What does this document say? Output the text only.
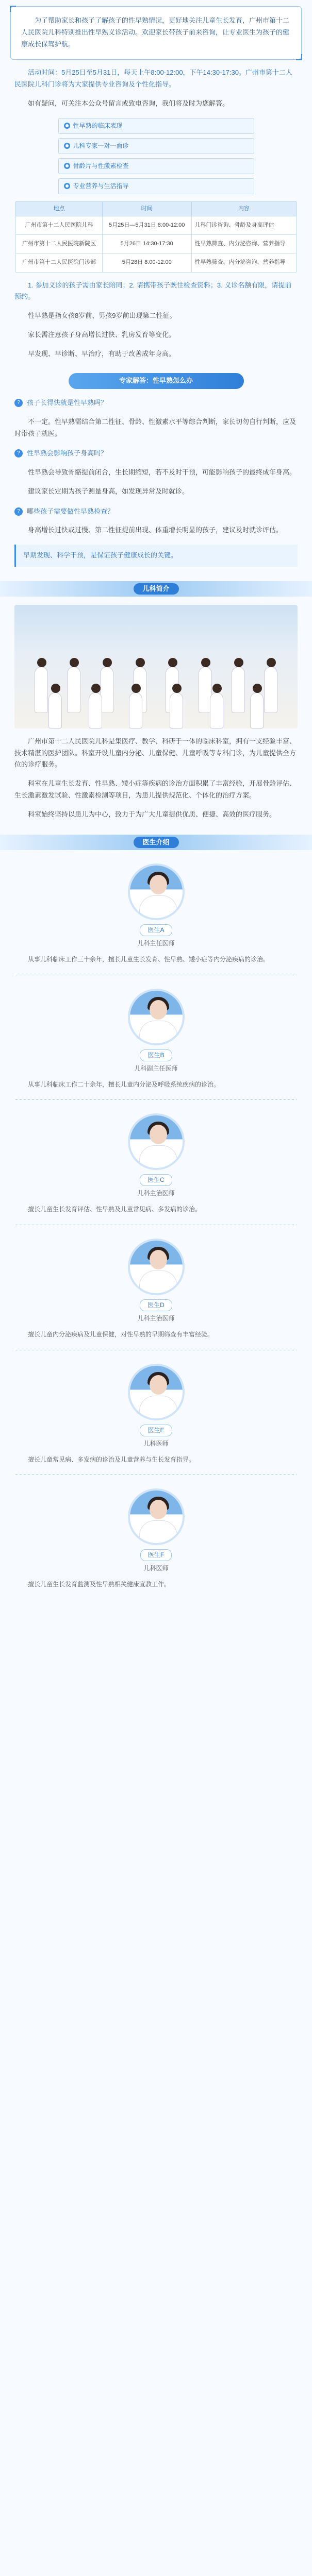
为了帮助家长和孩子了解孩子的性早熟情况，更好地关注儿童生长发育，广州市第十二人民医院儿科特别推出性早熟义诊活动。欢迎家长带孩子前来咨询，让专业医生为孩子的健康成长保驾护航。

活动时间：5月25日至5月31日，每天上午8:00-12:00，下午14:30-17:30。广州市第十二人民医院儿科门诊将为大家提供专业咨询及个性化指导。

如有疑问，可关注本公众号留言或致电咨询，我们将及时为您解答。

性早熟的临床表现
儿科专家一对一面诊
骨龄片与性激素检查
专业营养与生活指导
地点	时间	内容
广州市第十二人民医院儿科	5月25日—5月31日 8:00-12:00	儿科门诊咨询、骨龄及身高评估
广州市第十二人民医院新院区	5月26日 14:30-17:30	性早熟筛查、内分泌咨询、营养指导
广州市第十二人民医院门诊部	5月28日 8:00-12:00	性早熟筛查、内分泌咨询、营养指导

1. 参加义诊的孩子需由家长陪同；2. 请携带孩子既往检查资料；3. 义诊名额有限，请提前预约。

性早熟是指女孩8岁前、男孩9岁前出现第二性征。

家长需注意孩子身高增长过快、乳房发育等变化。

早发现、早诊断、早治疗，有助于改善成年身高。

专家解答：性早熟怎么办
?	孩子长得快就是性早熟吗？

不一定。性早熟需结合第二性征、骨龄、性激素水平等综合判断，家长切勿自行判断，应及时带孩子就医。

?	性早熟会影响孩子身高吗？

性早熟会导致骨骼提前闭合，生长期缩短，若不及时干预，可能影响孩子的最终成年身高。

建议家长定期为孩子测量身高，如发现异常及时就诊。

?	哪些孩子需要做性早熟检查？

身高增长过快或过慢、第二性征提前出现、体重增长明显的孩子，建议及时就诊评估。

早期发现、科学干预，是保证孩子健康成长的关键。
儿科简介

广州市第十二人民医院儿科是集医疗、教学、科研于一体的临床科室，拥有一支经验丰富、技术精湛的医护团队。科室开设儿童内分泌、儿童保健、儿童呼吸等专科门诊，为儿童提供全方位的诊疗服务。

科室在儿童生长发育、性早熟、矮小症等疾病的诊治方面积累了丰富经验，开展骨龄评估、生长激素激发试验、性激素检测等项目，为患儿提供规范化、个体化的治疗方案。

科室始终坚持以患儿为中心，致力于为广大儿童提供优质、便捷、高效的医疗服务。

医生介绍
医生A
儿科主任医师

从事儿科临床工作三十余年，擅长儿童生长发育、性早熟、矮小症等内分泌疾病的诊治。

医生B
儿科副主任医师

从事儿科临床工作二十余年，擅长儿童内分泌及呼吸系统疾病的诊治。

医生C
儿科主治医师

擅长儿童生长发育评估、性早熟及儿童常见病、多发病的诊治。

医生D
儿科主治医师

擅长儿童内分泌疾病及儿童保健，对性早熟的早期筛查有丰富经验。

医生E
儿科医师

擅长儿童常见病、多发病的诊治及儿童营养与生长发育指导。

医生F
儿科医师

擅长儿童生长发育监测及性早熟相关健康宣教工作。
